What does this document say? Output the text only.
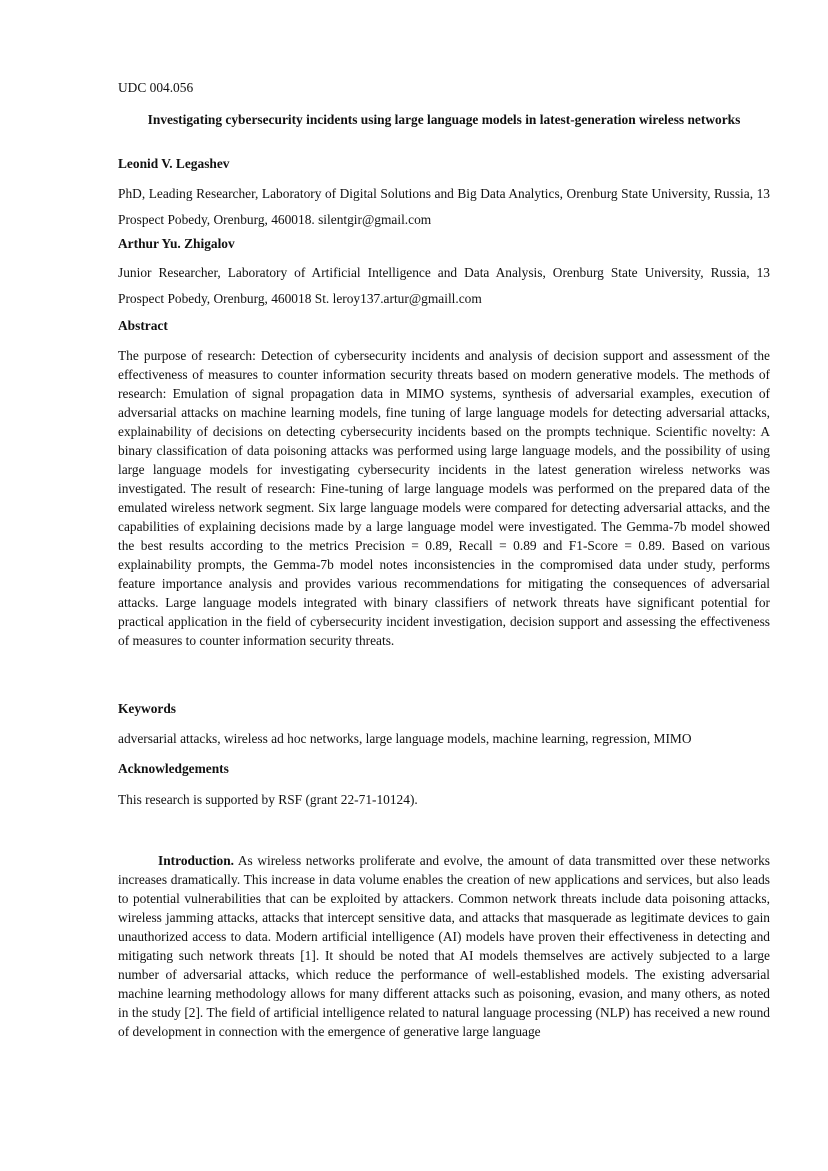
UDC 004.056
Investigating cybersecurity incidents using large language models in latest-generation wireless networks
Leonid V. Legashev
PhD, Leading Researcher, Laboratory of Digital Solutions and Big Data Analytics, Orenburg State University, Russia, 13 Prospect Pobedy, Orenburg, 460018. silentgir@gmail.com
Arthur Yu. Zhigalov
Junior Researcher, Laboratory of Artificial Intelligence and Data Analysis, Orenburg State University, Russia, 13 Prospect Pobedy, Orenburg, 460018 St. leroy137.artur@gmaill.com
Abstract
The purpose of research: Detection of cybersecurity incidents and analysis of decision support and assessment of the effectiveness of measures to counter information security threats based on modern generative models. The methods of research: Emulation of signal propagation data in MIMO systems, synthesis of adversarial examples, execution of adversarial attacks on machine learning models, fine tuning of large language models for detecting adversarial attacks, explainability of decisions on detecting cybersecurity incidents based on the prompts technique. Scientific novelty: A binary classification of data poisoning attacks was performed using large language models, and the possibility of using large language models for investigating cybersecurity incidents in the latest generation wireless networks was investigated. The result of research: Fine-tuning of large language models was performed on the prepared data of the emulated wireless network segment. Six large language models were compared for detecting adversarial attacks, and the capabilities of explaining decisions made by a large language model were investigated. The Gemma-7b model showed the best results according to the metrics Precision = 0.89, Recall = 0.89 and F1-Score = 0.89. Based on various explainability prompts, the Gemma-7b model notes inconsistencies in the compromised data under study, performs feature importance analysis and provides various recommendations for mitigating the consequences of adversarial attacks. Large language models integrated with binary classifiers of network threats have significant potential for practical application in the field of cybersecurity incident investigation, decision support and assessing the effectiveness of measures to counter information security threats.
Keywords
adversarial attacks, wireless ad hoc networks, large language models, machine learning, regression, MIMO
Acknowledgements
This research is supported by RSF (grant 22-71-10124).
Introduction. As wireless networks proliferate and evolve, the amount of data transmitted over these networks increases dramatically. This increase in data volume enables the creation of new applications and services, but also leads to potential vulnerabilities that can be exploited by attackers. Common network threats include data poisoning attacks, wireless jamming attacks, attacks that intercept sensitive data, and attacks that masquerade as legitimate devices to gain unauthorized access to data. Modern artificial intelligence (AI) models have proven their effectiveness in detecting and mitigating such network threats [1]. It should be noted that AI models themselves are actively subjected to a large number of adversarial attacks, which reduce the performance of well-established models. The existing adversarial machine learning methodology allows for many different attacks such as poisoning, evasion, and many others, as noted in the study [2]. The field of artificial intelligence related to natural language processing (NLP) has received a new round of development in connection with the emergence of generative large language
